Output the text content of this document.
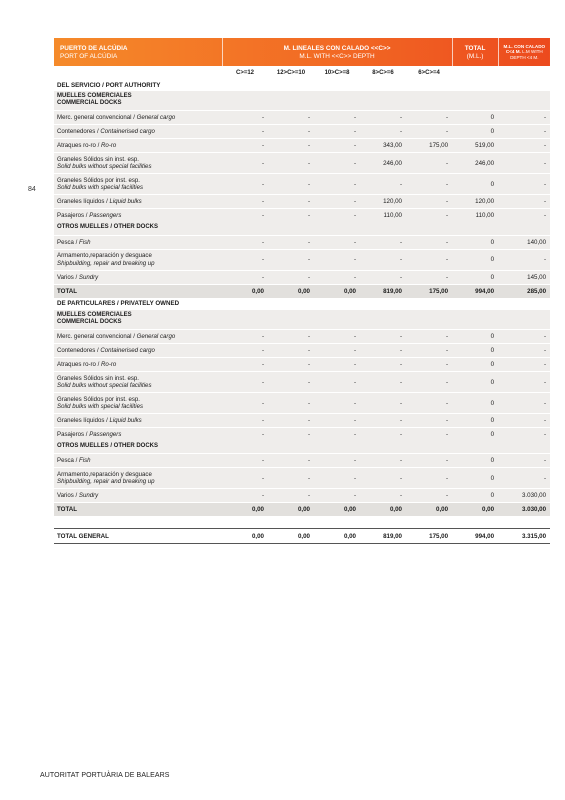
84
PUERTO DE ALCÚDIA
PORT OF ALCÚDIA	M. LINEALES CON CALADO <<C>>
M.L. WITH <<C>> DEPTH					TOTAL
(M.L.)	M.L. CON CALADO
C<4 M. L.M WITH
DEPTH <4 M.
	C>=12	12>C>=10	10>C>=8	8>C>=6	6>C>=4		
DEL SERVICIO / PORT AUTHORITY							
MUELLES COMERCIALES
COMMERCIAL DOCKS							
Merc. general convencional / General cargo	-	-	-	-	-	0	-
Contenedores / Containerised cargo	-	-	-	-	-	0	-
Atraques ro-ro / Ro-ro	-	-	-	343,00	175,00	519,00	-
Graneles Sólidos sin inst. esp.
Solid bulks without special facilities	-	-	-	246,00	-	246,00	-
Graneles Sólidos por inst. esp.
Solid bulks with special facilities	-	-	-	-	-	0	-
Graneles líquidos / Liquid bulks	-	-	-	120,00	-	120,00	-
Pasajeros / Passengers	-	-	-	110,00	-	110,00	-
OTROS MUELLES / OTHER DOCKS							
Pesca / Fish	-	-	-	-	-	0	140,00
Armamento,reparación y desguace
Shipbuilding, repair and breaking up	-	-	-	-	-	0	-
Varios / Sundry	-	-	-	-	-	0	145,00
TOTAL	0,00	0,00	0,00	819,00	175,00	994,00	285,00
DE PARTICULARES / PRIVATELY OWNED							
MUELLES COMERCIALES
COMMERCIAL DOCKS							
Merc. general convencional / General cargo	-	-	-	-	-	0	-
Contenedores / Containerised cargo	-	-	-	-	-	0	-
Atraques ro-ro / Ro-ro	-	-	-	-	-	0	-
Graneles Sólidos sin inst. esp.
Solid bulks without special facilities	-	-	-	-	-	0	-
Graneles Sólidos por inst. esp.
Solid bulks with special facilities	-	-	-	-	-	0	-
Graneles líquidos / Liquid bulks	-	-	-	-	-	0	-
Pasajeros / Passengers	-	-	-	-	-	0	-
OTROS MUELLES / OTHER DOCKS							
Pesca / Fish	-	-	-	-	-	0	-
Armamento,reparación y desguace
Shipbuilding, repair and breaking up	-	-	-	-	-	0	-
Varios / Sundry	-	-	-	-	-	0	3.030,00
TOTAL	0,00	0,00	0,00	0,00	0,00	0,00	3.030,00

TOTAL GENERAL	0,00	0,00	0,00	819,00	175,00	994,00	3.315,00
AUTORITAT PORTUÀRIA DE BALEARS
